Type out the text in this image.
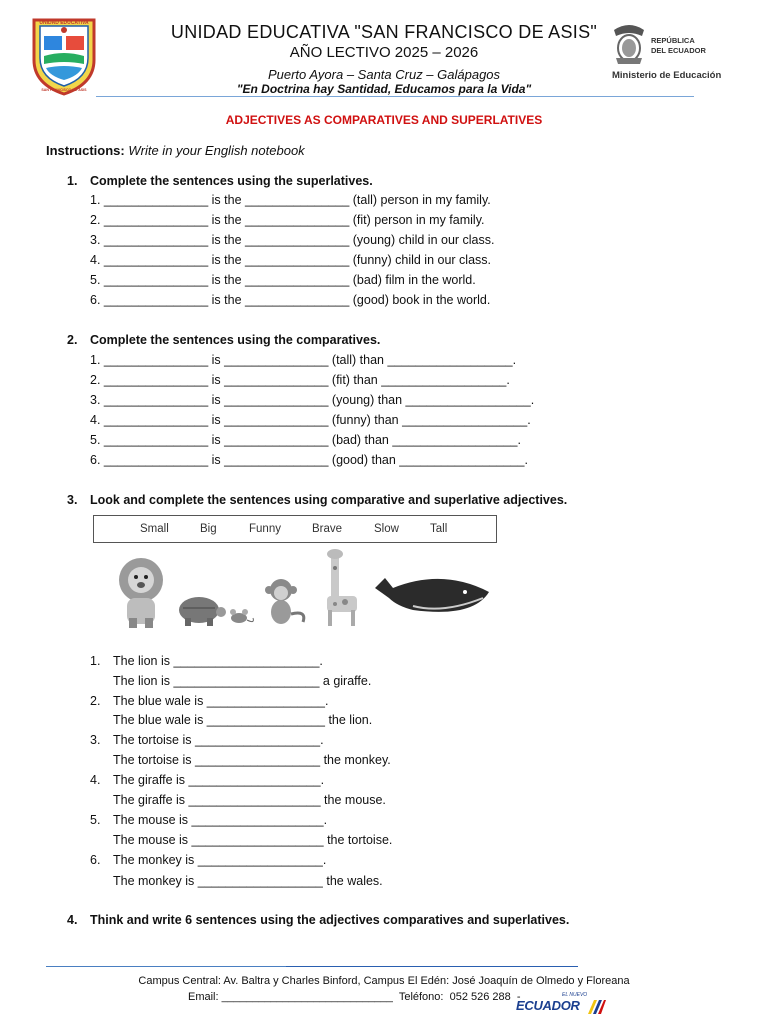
UNIDAD EDUCATIVA
SAN FRANCISCO DE ASIS
UNIDAD EDUCATIVA "SAN FRANCISCO DE ASIS"
AÑO LECTIVO 2025 – 2026
Puerto Ayora – Santa Cruz – Galápagos
"En Doctrina hay Santidad, Educamos para la Vida"
REPÚBLICA
DEL ECUADOR
Ministerio de Educación
ADJECTIVES AS COMPARATIVES AND SUPERLATIVES
Instructions: Write in your English notebook
1. Complete the sentences using the superlatives.
1. _______________ is the _______________ (tall) person in my family.
2. _______________ is the _______________ (fit) person in my family.
3. _______________ is the _______________ (young) child in our class.
4. _______________ is the _______________ (funny) child in our class.
5. _______________ is the _______________ (bad) film in the world.
6. _______________ is the _______________ (good) book in the world.
2. Complete the sentences using the comparatives.
1. _______________ is _______________ (tall) than __________________.
2. _______________ is _______________ (fit) than __________________.
3. _______________ is _______________ (young) than __________________.
4. _______________ is _______________ (funny) than __________________.
5. _______________ is _______________ (bad) than __________________.
6. _______________ is _______________ (good) than __________________.
3. Look and complete the sentences using comparative and superlative adjectives.
Small	Big	Funny	Brave	Slow	Tall
1. The lion is _____________________.
The lion is _____________________ a giraffe.
2. The blue wale is _________________.
The blue wale is _________________ the lion.
3. The tortoise is __________________.
The tortoise is __________________ the monkey.
4. The giraffe is ___________________.
The giraffe is ___________________ the mouse.
5. The mouse is ___________________.
The mouse is ___________________ the tortoise.
6. The monkey is __________________.
The monkey is __________________ the wales.
4. Think and write 6 sentences using the adjectives comparatives and superlatives.
Campus Central: Av. Baltra y Charles Binford, Campus El Edén: José Joaquín de Olmedo y Floreana
Email: ____________________________  Teléfono:  052 526 288  -	EL NUEVO
ECUADOR
